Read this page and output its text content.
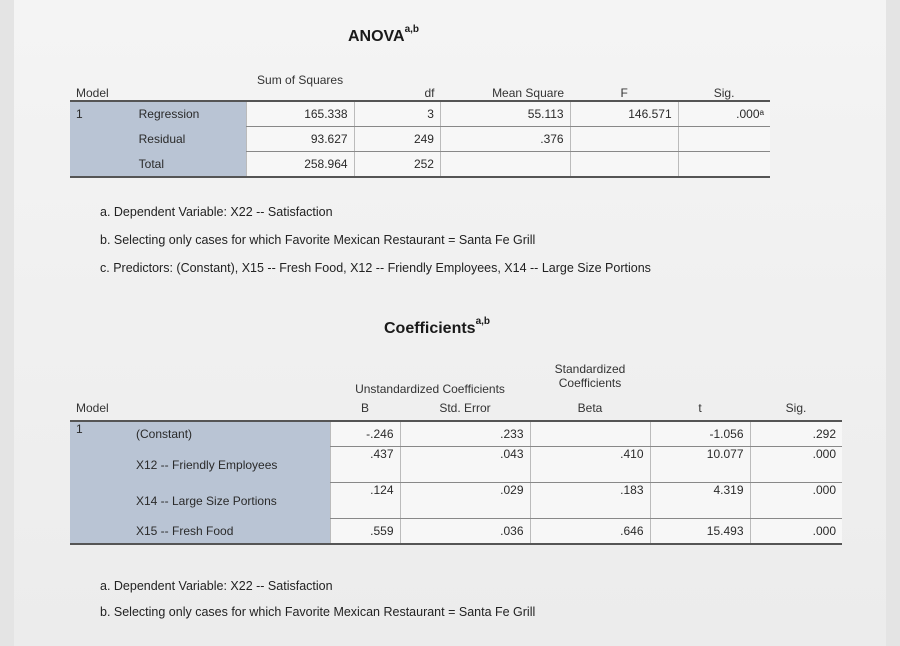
ANOVA$^{a,b}$
Model		Sum of Squares	df	Mean Square	F	Sig.
1	Regression	165.338	3	55.113	146.571	.000ᵃ
	Residual	93.627	249	.376		
	Total	258.964	252			
a. Dependent Variable: X22 -- Satisfaction
b. Selecting only cases for which Favorite Mexican Restaurant = Santa Fe Grill
c. Predictors: (Constant), X15 -- Fresh Food, X12 -- Friendly Employees, X14 -- Large Size Portions
Coefficients$^{a,b}$
		Unstandardized Coefficients		Standardized Coefficients		
Model		B	Std. Error	Beta	t	Sig.
1	(Constant)	-.246	.233		-1.056	.292
	X12 -- Friendly Employees	.437	.043	.410	10.077	.000
	X14 -- Large Size Portions	.124	.029	.183	4.319	.000
	X15 -- Fresh Food	.559	.036	.646	15.493	.000
a. Dependent Variable: X22 -- Satisfaction
b. Selecting only cases for which Favorite Mexican Restaurant = Santa Fe Grill
